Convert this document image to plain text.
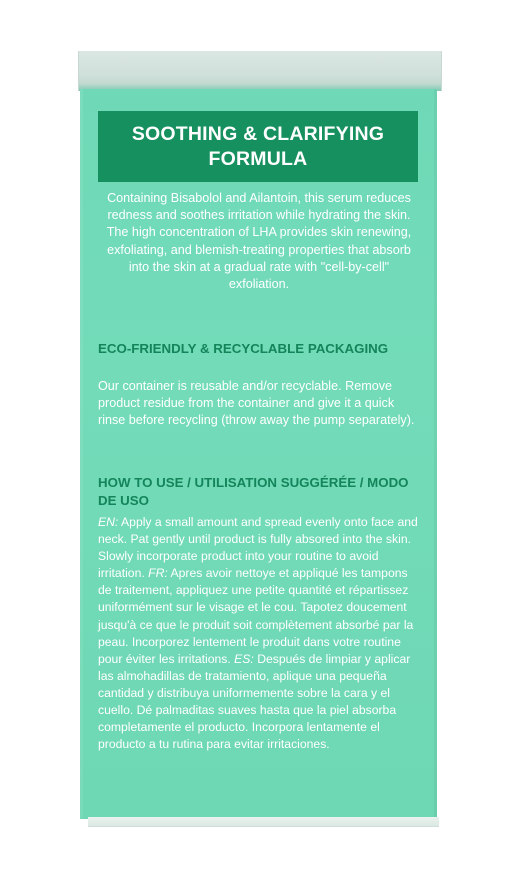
SOOTHING & CLARIFYING FORMULA
Containing Bisabolol and Ailantoin, this serum reduces redness and soothes irritation while hydrating the skin. The high concentration of LHA provides skin renewing, exfoliating, and blemish-treating properties that absorb into the skin at a gradual rate with "cell-by-cell" exfoliation.
ECO-FRIENDLY & RECYCLABLE PACKAGING
Our container is reusable and/or recyclable. Remove product residue from the container and give it a quick rinse before recycling (throw away the pump separately).
HOW TO USE / UTILISATION SUGGÉRÉE / MODO DE USO
EN: Apply a small amount and spread evenly onto face and neck. Pat gently until product is fully absored into the skin. Slowly incorporate product into your routine to avoid irritation. FR: Apres avoir nettoye et appliqué les tampons de traitement, appliquez une petite quantité et répartissez uniformément sur le visage et le cou. Tapotez doucement jusqu'à ce que le produit soit complètement absorbé par la peau. Incorporez lentement le produit dans votre routine pour éviter les irritations. ES: Después de limpiar y aplicar las almohadillas de tratamiento, aplique una pequeña cantidad y distribuya uniformemente sobre la cara y el cuello. Dé palmaditas suaves hasta que la piel absorba completamente el producto. Incorpora lentamente el producto a tu rutina para evitar irritaciones.
